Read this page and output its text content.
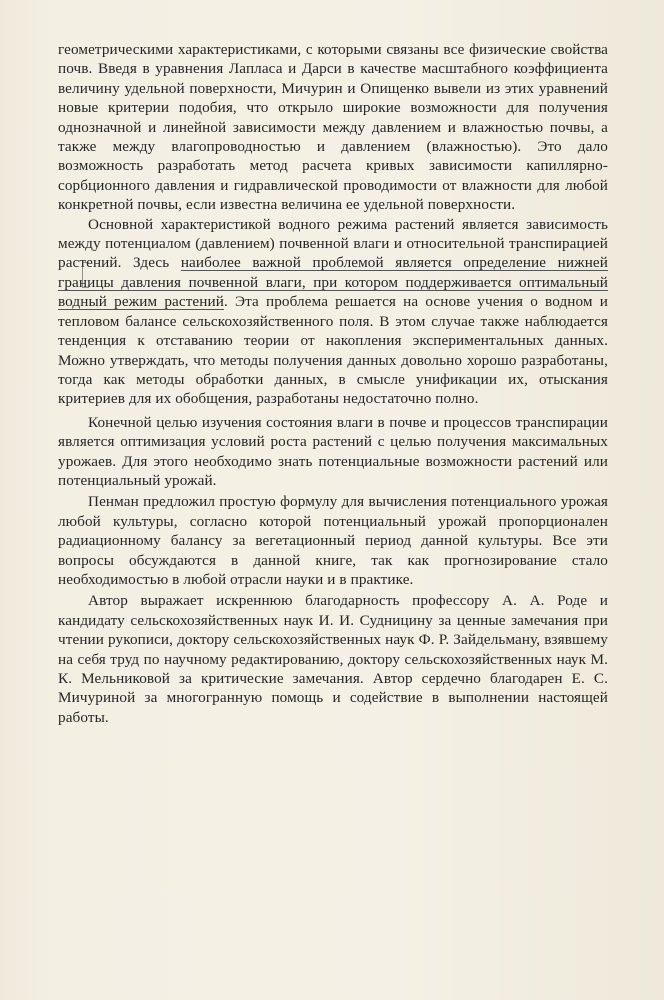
геометрическими характеристиками, с которыми связаны все физические свойства почв. Введя в уравнения Лапласа и Дарси в качестве масштабного коэффициента величину удельной поверхности, Мичурин и Опищенко вывели из этих уравнений новые критерии подобия, что открыло широкие возможности для получения однозначной и линейной зависимости между давлением и влажностью почвы, а также между влагопроводностью и давлением (влажностью). Это дало возможность разработать метод расчета кривых зависимости капиллярно-сорбционного давления и гидравлической проводимости от влажности для любой конкретной почвы, если известна величина ее удельной поверхности.

Основной характеристикой водного режима растений является зависимость между потенциалом (давлением) почвенной влаги и относительной транспирацией растений. Здесь наиболее важной проблемой является определение нижней границы давления почвенной влаги, при котором поддерживается оптимальный водный режим растений. Эта проблема решается на основе учения о водном и тепловом балансе сельскохозяйственного поля. В этом случае также наблюдается тенденция к отставанию теории от накопления экспериментальных данных. Можно утверждать, что методы получения данных довольно хорошо разработаны, тогда как методы обработки данных, в смысле унификации их, отыскания критериев для их обобщения, разработаны недостаточно полно.

Конечной целью изучения состояния влаги в почве и процессов транспирации является оптимизация условий роста растений с целью получения максимальных урожаев. Для этого необходимо знать потенциальные возможности растений или потенциальный урожай.

Пенман предложил простую формулу для вычисления потенциального урожая любой культуры, согласно которой потенциальный урожай пропорционален радиационному балансу за вегетационный период данной культуры. Все эти вопросы обсуждаются в данной книге, так как прогнозирование стало необходимостью в любой отрасли науки и в практике.

Автор выражает искреннюю благодарность профессору А. А. Роде и кандидату сельскохозяйственных наук И. И. Судницину за ценные замечания при чтении рукописи, доктору сельскохозяйственных наук Ф. Р. Зайдельману, взявшему на себя труд по научному редактированию, доктору сельскохозяйственных наук М. К. Мельниковой за критические замечания. Автор сердечно благодарен Е. С. Мичуриной за многогранную помощь и содействие в выполнении настоящей работы.
